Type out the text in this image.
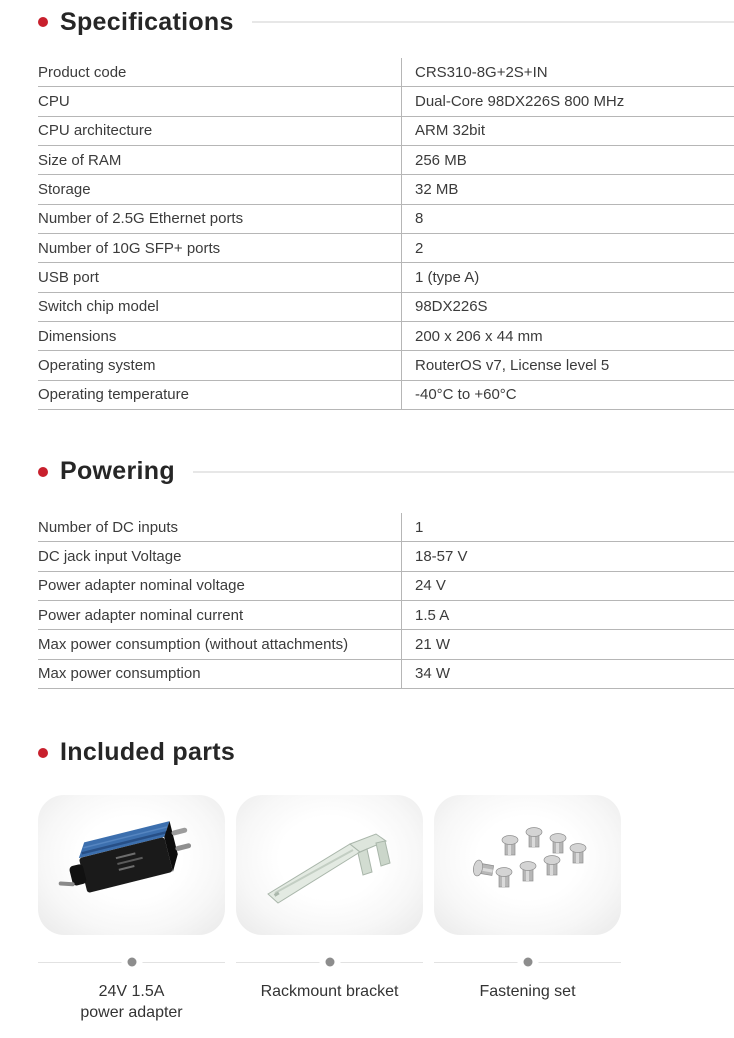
Specifications
Product code	CRS310-8G+2S+IN
CPU	Dual-Core 98DX226S 800 MHz
CPU architecture	ARM 32bit
Size of RAM	256 MB
Storage	32 MB
Number of 2.5G Ethernet ports	8
Number of 10G SFP+ ports	2
USB port	1 (type A)
Switch chip model	98DX226S
Dimensions	200 x 206 x 44 mm
Operating system	RouterOS v7, License level 5
Operating temperature	-40°C to +60°C
Powering
Number of DC inputs	1
DC jack input Voltage	18-57 V
Power adapter nominal voltage	24 V
Power adapter nominal current	1.5 A
Max power consumption (without attachments)	21 W
Max power consumption	34 W
Included parts
24V 1.5A
power adapter
Rackmount bracket	Fastening set
